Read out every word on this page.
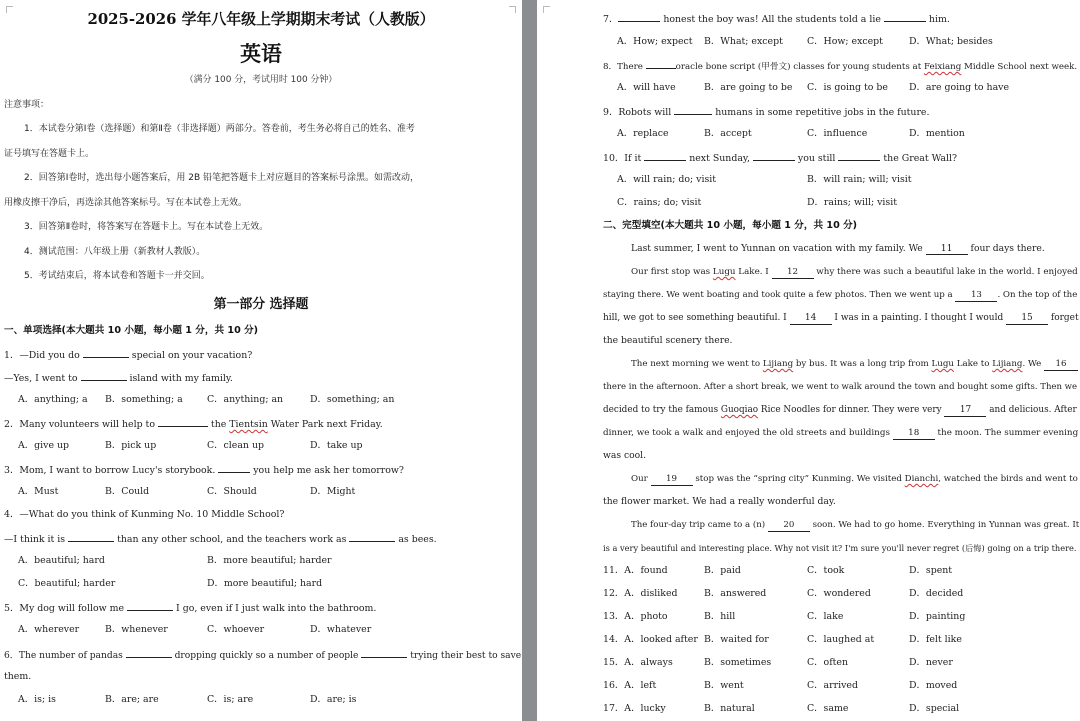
2025-2026 学年八年级上学期期末考试（人教版）
英语
（满分 100 分，考试用时 100 分钟）
注意事项：
1．本试卷分第Ⅰ卷（选择题）和第Ⅱ卷（非选择题）两部分。答卷前，考生务必将自己的姓名、准考
证号填写在答题卡上。
2．回答第Ⅰ卷时，选出每小题答案后，用 2B 铅笔把答题卡上对应题目的答案标号涂黑。如需改动，
用橡皮擦干净后，再选涂其他答案标号。写在本试卷上无效。
3．回答第Ⅱ卷时，将答案写在答题卡上。写在本试卷上无效。
4．测试范围：八年级上册（新教材人教版）。
5．考试结束后，将本试卷和答题卡一并交回。
第一部分 选择题
一、单项选择(本大题共 10 小题，每小题 1 分，共 10 分)
1．—Did you do	special on your vacation?
—Yes, I went to	island with my family.
A．anything; a B．something; a	C．anything; an	D．something; an
2．Many volunteers will help to	the Tientsin Water Park next Friday.
A．give up	B．pick up	C．clean up	D．take up
3．Mom, I want to borrow Lucy's storybook.	you help me ask her tomorrow?
A．Must	B．Could	C．Should	D．Might
4．—What do you think of Kunming No. 10 Middle School?
—I think it is	than any other school, and the teachers work as	as bees.
A．beautiful; hard	B．more beautiful; harder
C．beautiful; harder	D．more beautiful; hard
5．My dog will follow me	I go, even if I just walk into the bathroom.
A．wherever	B．whenever	C．whoever	D．whatever
6．The number of pandas	dropping quickly so a number of people	trying their best to save
them.
A．is; is	B．are; are	C．is; are	D．are; is
7．	honest the boy was! All the students told a lie	him.
A．How; expect B．What; except	C．How; except	D．What; besides
8．There	oracle bone script (甲骨文) classes for young students at Feixiang Middle School next week.
A．will have	B．are going to be C．is going to be D．are going to have
9．Robots will	humans in some repetitive jobs in the future.
A．replace	B．accept	C．influence	D．mention
10．If it	next Sunday,	you still	the Great Wall?
A．will rain; do; visit	B．will rain; will; visit
C．rains; do; visit	D．rains; will; visit
二、完型填空(本大题共 10 小题，每小题 1 分，共 10 分)
Last summer, I went to Yunnan on vacation with my family. We 11 four days there.
Our first stop was Lugu Lake. I 12 why there was such a beautiful lake in the world. I enjoyed
staying there. We went boating and took quite a few photos. Then we went up a 13 . On the top of the
hill, we got to see something beautiful. I 14 I was in a painting. I thought I would 15 forget
the beautiful scenery there.
The next morning we went to Lijiang by bus. It was a long trip from Lugu Lake to Lijiang. We 16
there in the afternoon. After a short break, we went to walk around the town and bought some gifts. Then we
decided to try the famous Guoqiao Rice Noodles for dinner. They were very 17 and delicious. After
dinner, we took a walk and enjoyed the old streets and buildings 18 the moon. The summer evening
was cool.
Our 19 stop was the “spring city” Kunming. We visited Dianchi, watched the birds and went to
the flower market. We had a really wonderful day.
The four-day trip came to a (n) 20 soon. We had to go home. Everything in Yunnan was great. It
is a very beautiful and interesting place. Why not visit it? I'm sure you'll never regret (后悔) going on a trip there.
11．A．found	B．paid	C．took	D．spent
12．A．disliked	B．answered	C．wondered	D．decided
13．A．photo	B．hill	C．lake	D．painting
14．A．looked after B．waited for	C．laughed at	D．felt like
15．A．always	B．sometimes	C．often	D．never
16．A．left	B．went	C．arrived	D．moved
17．A．lucky	B．natural	C．same	D．special
